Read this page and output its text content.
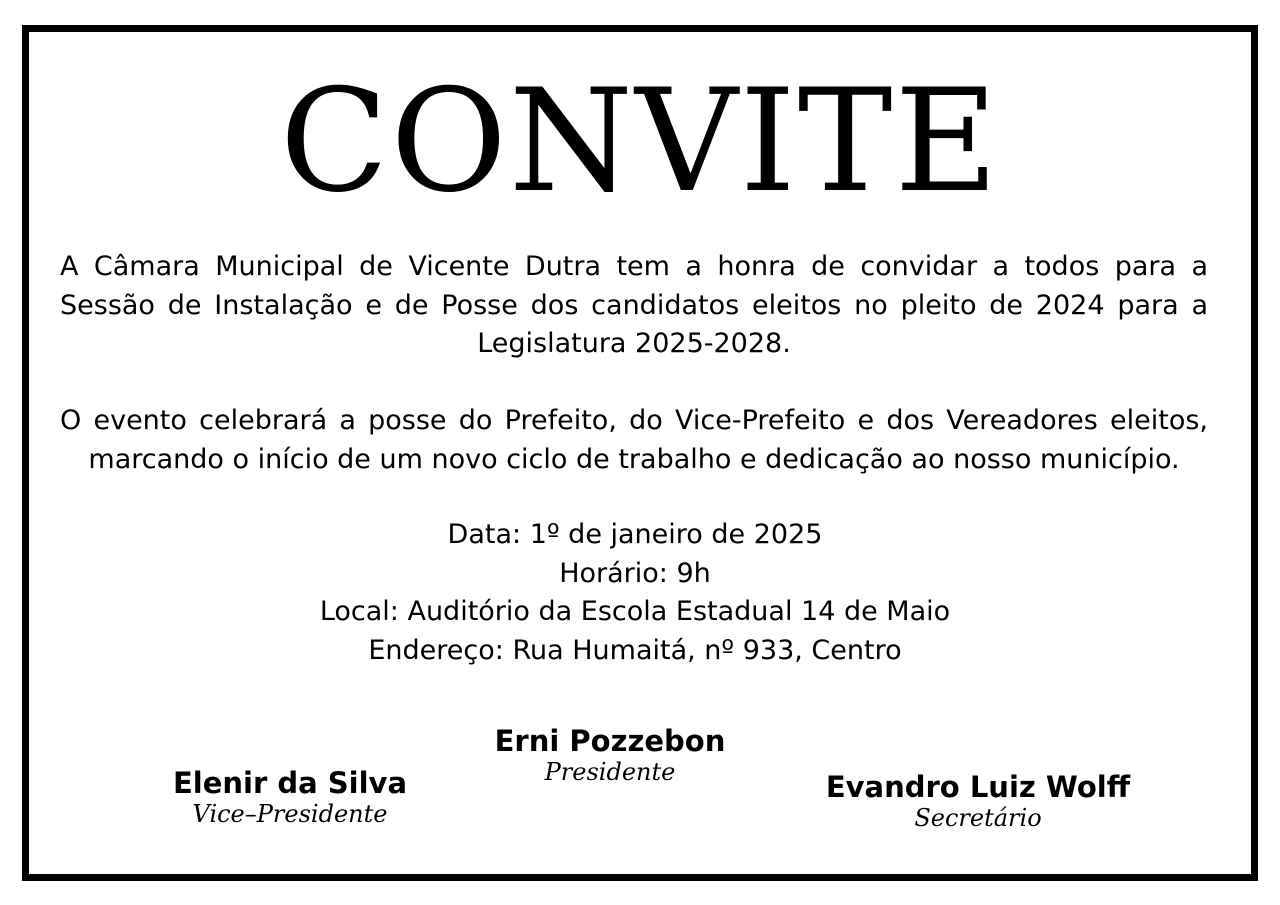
CONVITE
A Câmara Municipal de Vicente Dutra tem a honra de convidar a todos para a Sessão de Instalação e de Posse dos candidatos eleitos no pleito de 2024 para a Legislatura 2025-2028.
O evento celebrará a posse do Prefeito, do Vice-Prefeito e dos Vereadores eleitos, marcando o início de um novo ciclo de trabalho e dedicação ao nosso município.
Data: 1º de janeiro de 2025
Horário: 9h
Local: Auditório da Escola Estadual 14 de Maio
Endereço: Rua Humaitá, nº 933, Centro
Erni Pozzebon
Presidente
Elenir da Silva
Vice–Presidente
Evandro Luiz Wolff
Secretário
